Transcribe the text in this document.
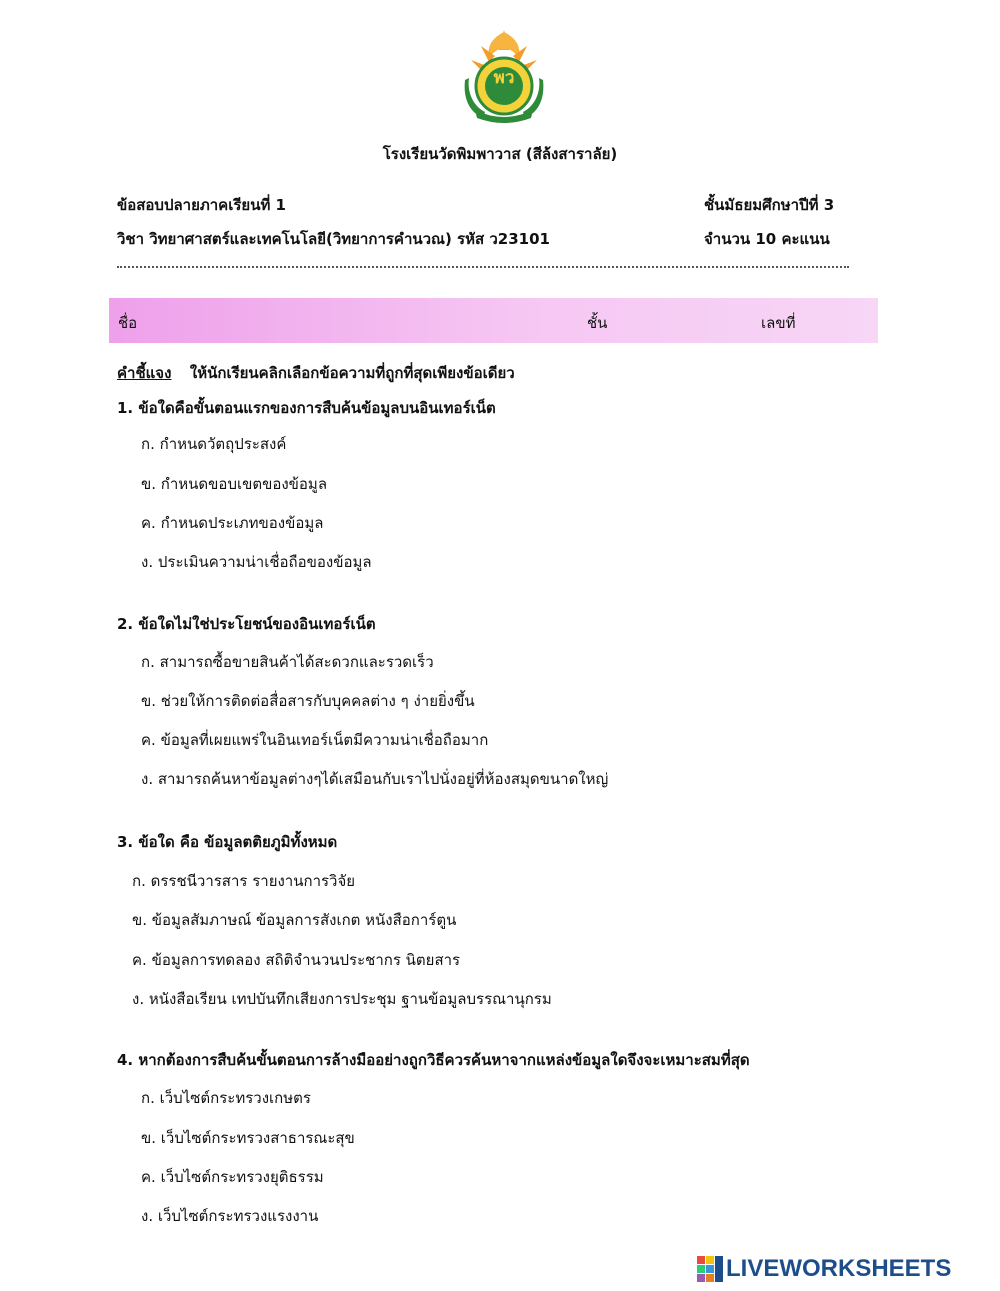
พว
โรงเรียนวัดพิมพาวาส (สีล้งสาราลัย)
ข้อสอบปลายภาคเรียนที่ 1	ชั้นมัธยมศึกษาปีที่ 3
วิชา วิทยาศาสตร์และเทคโนโลยี(วิทยาการคำนวณ) รหัส ว23101	จำนวน 10 คะแนน
ชื่อ	ชั้น	เลขที่
คำชี้แจง ให้นักเรียนคลิกเลือกข้อความที่ถูกที่สุดเพียงข้อเดียว
1. ข้อใดคือขั้นตอนแรกของการสืบค้นข้อมูลบนอินเทอร์เน็ต
ก. กำหนดวัตถุประสงค์
ข. กำหนดขอบเขตของข้อมูล
ค. กำหนดประเภทของข้อมูล
ง. ประเมินความน่าเชื่อถือของข้อมูล
2. ข้อใดไม่ใช่ประโยชน์ของอินเทอร์เน็ต
ก. สามารถซื้อขายสินค้าได้สะดวกและรวดเร็ว
ข. ช่วยให้การติดต่อสื่อสารกับบุคคลต่าง ๆ ง่ายยิ่งขึ้น
ค. ข้อมูลที่เผยแพร่ในอินเทอร์เน็ตมีความน่าเชื่อถือมาก
ง. สามารถค้นหาข้อมูลต่างๆได้เสมือนกับเราไปนั่งอยู่ที่ห้องสมุดขนาดใหญ่
3. ข้อใด คือ ข้อมูลตติยภูมิทั้งหมด
ก. ดรรชนีวารสาร รายงานการวิจัย
ข. ข้อมูลสัมภาษณ์ ข้อมูลการสังเกต หนังสือการ์ตูน
ค. ข้อมูลการทดลอง สถิติจำนวนประชากร นิตยสาร
ง. หนังสือเรียน เทปบันทึกเสียงการประชุม ฐานข้อมูลบรรณานุกรม
4. หากต้องการสืบค้นขั้นตอนการล้างมืออย่างถูกวิธีควรค้นหาจากแหล่งข้อมูลใดจึงจะเหมาะสมที่สุด
ก. เว็บไซต์กระทรวงเกษตร
ข. เว็บไซต์กระทรวงสาธารณะสุข
ค. เว็บไซต์กระทรวงยุติธรรม
ง. เว็บไซต์กระทรวงแรงงาน
LIVEWORKSHEETS
